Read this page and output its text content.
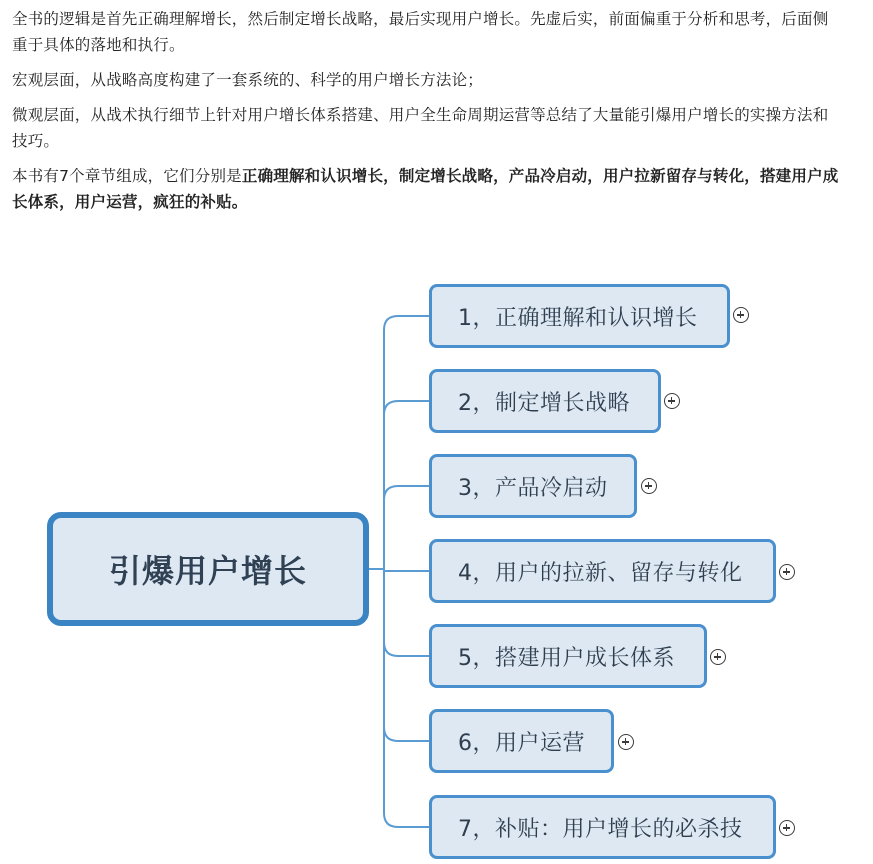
全书的逻辑是首先正确理解增长，然后制定增长战略，最后实现用户增长。先虚后实，前面偏重于分析和思考，后面侧重于具体的落地和执行。

宏观层面，从战略高度构建了一套系统的、科学的用户增长方法论；

微观层面，从战术执行细节上针对用户增长体系搭建、用户全生命周期运营等总结了大量能引爆用户增长的实操方法和技巧。

本书有7个章节组成，它们分别是正确理解和认识增长，制定增长战略，产品冷启动，用户拉新留存与转化，搭建用户成长体系，用户运营，疯狂的补贴。

引爆用户增长
1，正确理解和认识增长
2，制定增长战略
3，产品冷启动
4，用户的拉新、留存与转化
5，搭建用户成长体系
6，用户运营
7，补贴：用户增长的必杀技
